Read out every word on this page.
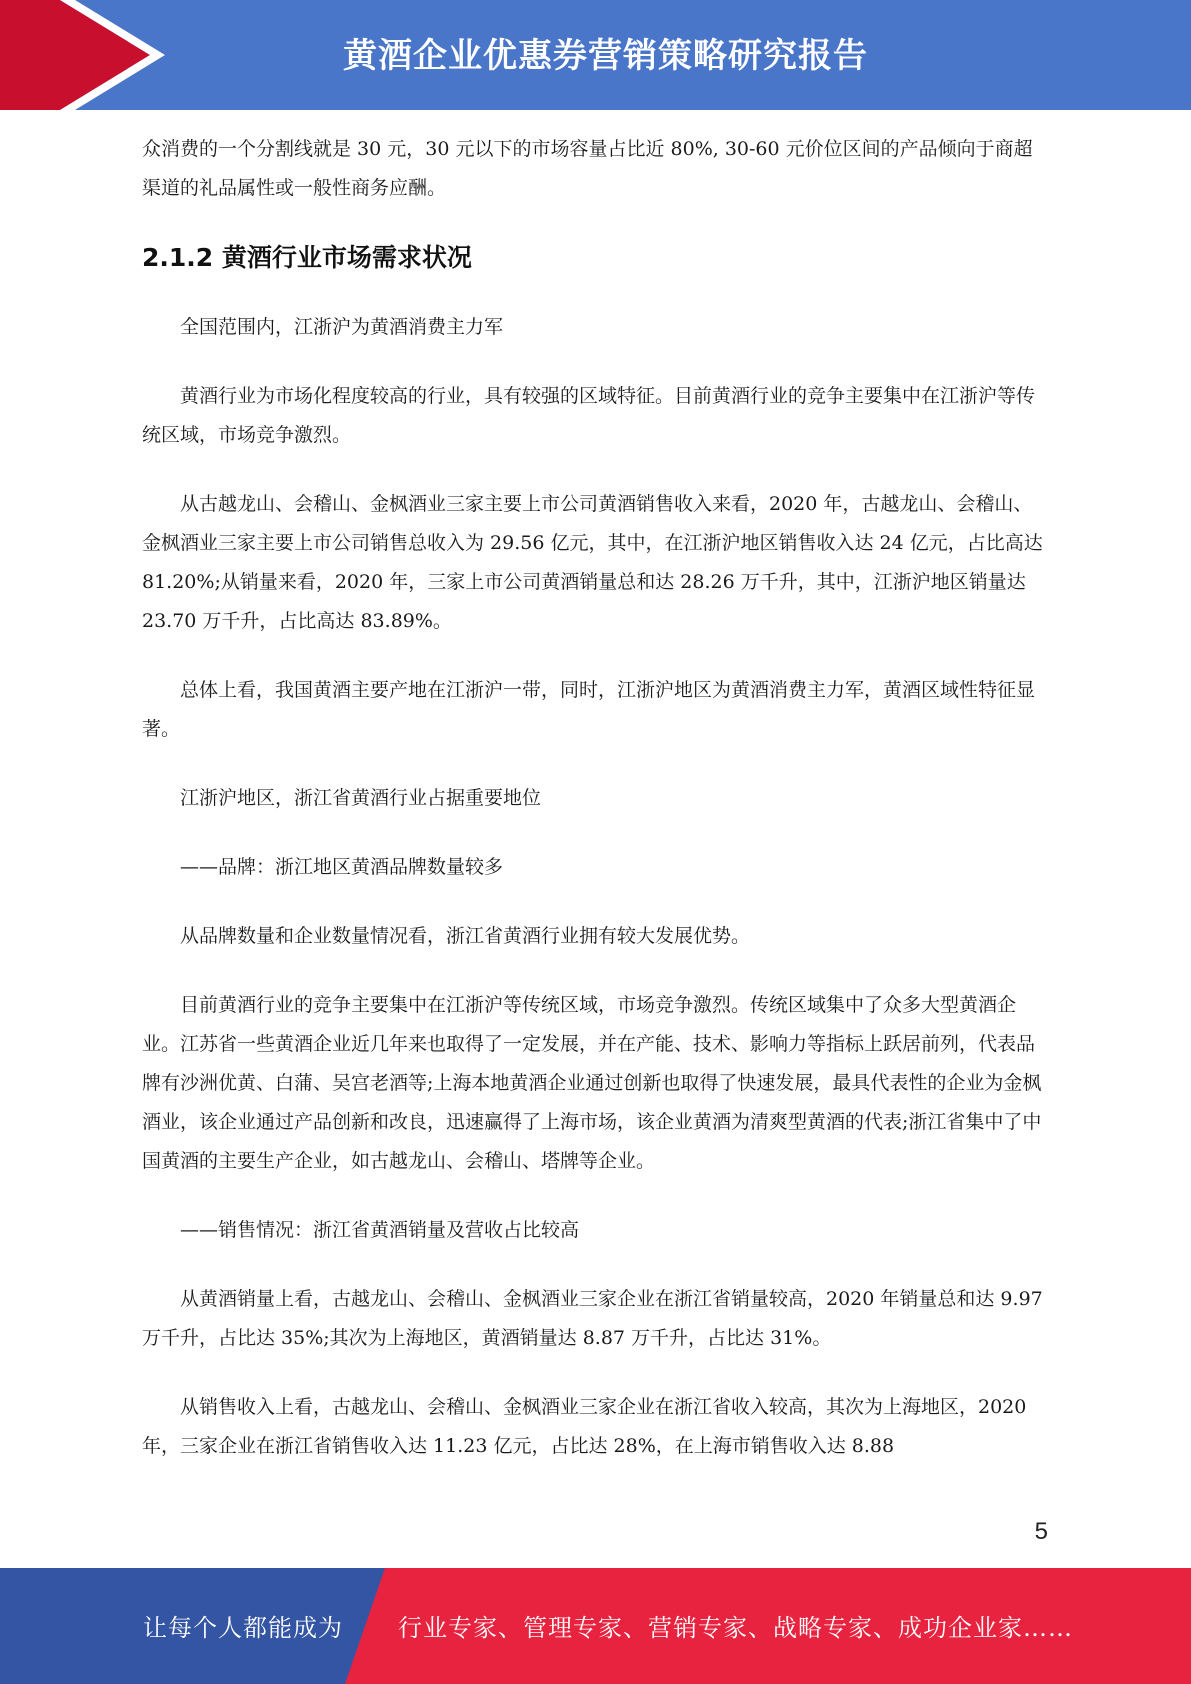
黄酒企业优惠券营销策略研究报告

众消费的一个分割线就是 30 元，30 元以下的市场容量占比近 80%, 30-60 元价位区间的产品倾向于商超渠道的礼品属性或一般性商务应酬。

2.1.2 黄酒行业市场需求状况

全国范围内，江浙沪为黄酒消费主力军

黄酒行业为市场化程度较高的行业，具有较强的区域特征。目前黄酒行业的竞争主要集中在江浙沪等传统区域，市场竞争激烈。

从古越龙山、会稽山、金枫酒业三家主要上市公司黄酒销售收入来看，2020 年，古越龙山、会稽山、金枫酒业三家主要上市公司销售总收入为 29.56 亿元，其中，在江浙沪地区销售收入达 24 亿元，占比高达 81.20%;从销量来看，2020 年，三家上市公司黄酒销量总和达 28.26 万千升，其中，江浙沪地区销量达 23.70 万千升，占比高达 83.89%。

总体上看，我国黄酒主要产地在江浙沪一带，同时，江浙沪地区为黄酒消费主力军，黄酒区域性特征显著。

江浙沪地区，浙江省黄酒行业占据重要地位

——品牌：浙江地区黄酒品牌数量较多

从品牌数量和企业数量情况看，浙江省黄酒行业拥有较大发展优势。

目前黄酒行业的竞争主要集中在江浙沪等传统区域，市场竞争激烈。传统区域集中了众多大型黄酒企业。江苏省一些黄酒企业近几年来也取得了一定发展，并在产能、技术、影响力等指标上跃居前列，代表品牌有沙洲优黄、白蒲、吴宫老酒等;上海本地黄酒企业通过创新也取得了快速发展，最具代表性的企业为金枫酒业，该企业通过产品创新和改良，迅速赢得了上海市场，该企业黄酒为清爽型黄酒的代表;浙江省集中了中国黄酒的主要生产企业，如古越龙山、会稽山、塔牌等企业。

——销售情况：浙江省黄酒销量及营收占比较高

从黄酒销量上看，古越龙山、会稽山、金枫酒业三家企业在浙江省销量较高，2020 年销量总和达 9.97 万千升，占比达 35%;其次为上海地区，黄酒销量达 8.87 万千升，占比达 31%。

从销售收入上看，古越龙山、会稽山、金枫酒业三家企业在浙江省收入较高，其次为上海地区，2020 年，三家企业在浙江省销售收入达 11.23 亿元，占比达 28%，在上海市销售收入达 8.88

5
让每个人都能成为 行业专家、管理专家、营销专家、战略专家、成功企业家……
